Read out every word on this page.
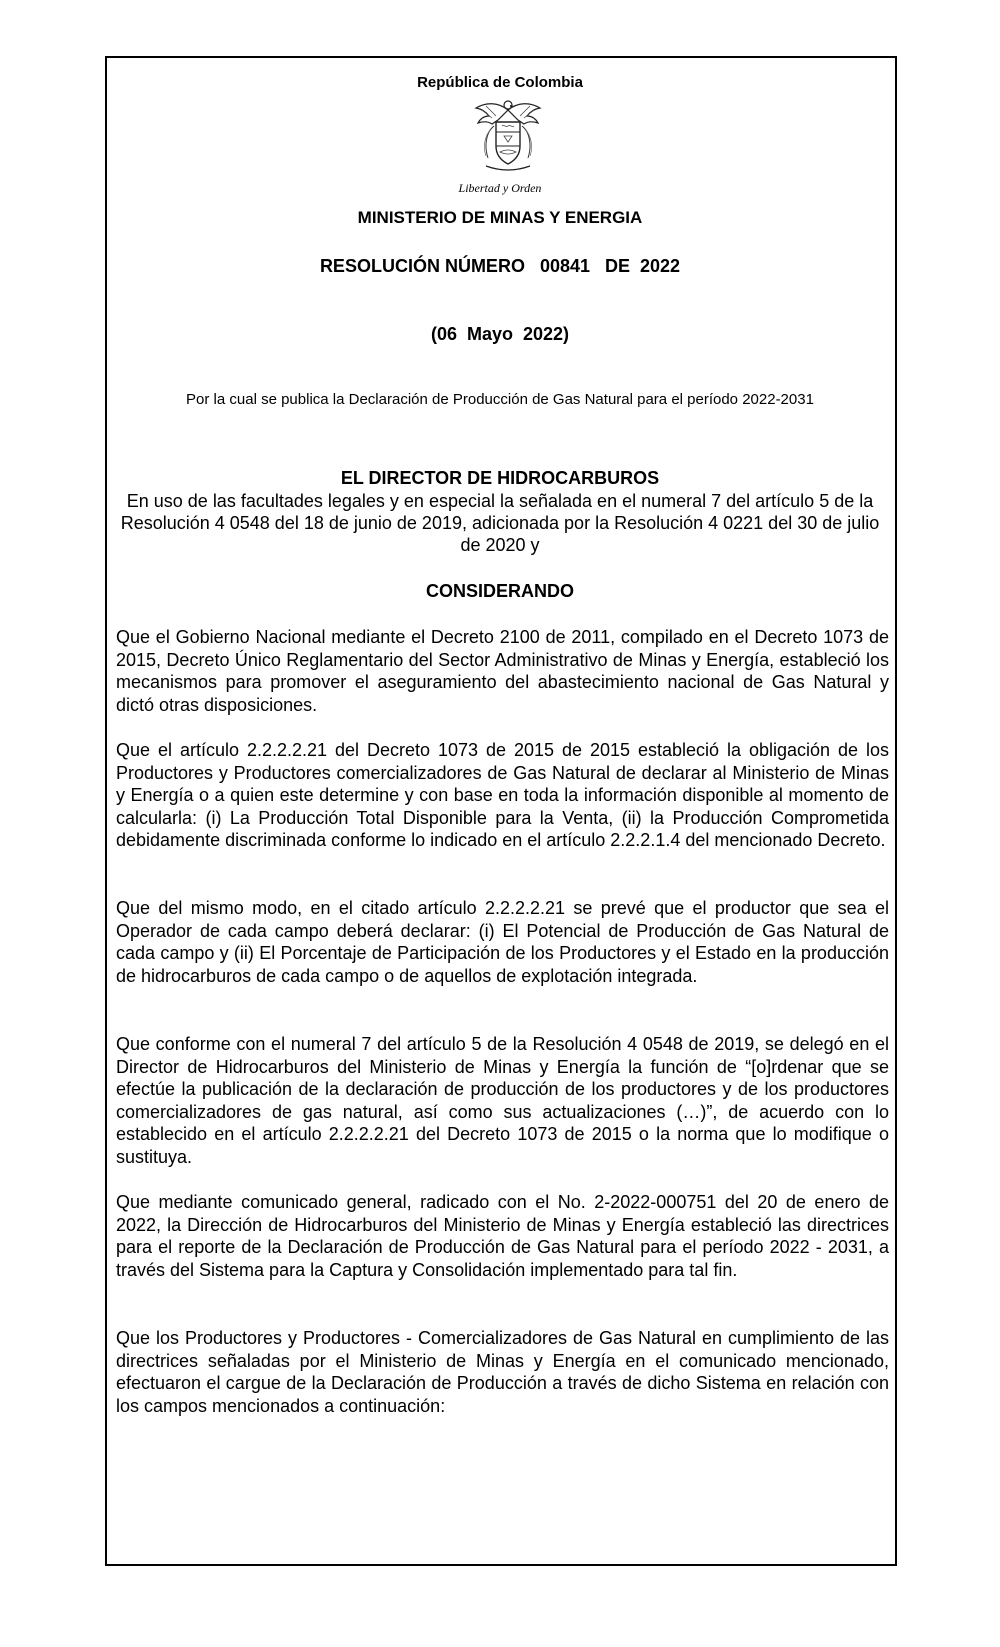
República de Colombia
Libertad y Orden
MINISTERIO DE MINAS Y ENERGIA
RESOLUCIÓN NÚMERO   00841   DE  2022
(06  Mayo  2022)
Por la cual se publica la Declaración de Producción de Gas Natural para el período 2022-2031
EL DIRECTOR DE HIDROCARBUROS
En uso de las facultades legales y en especial la señalada en el numeral 7 del artículo 5 de la Resolución 4 0548 del 18 de junio de 2019, adicionada por la Resolución 4 0221 del 30 de julio de 2020 y
CONSIDERANDO

Que el Gobierno Nacional mediante el Decreto 2100 de 2011, compilado en el Decreto 1073 de 2015, Decreto Único Reglamentario del Sector Administrativo de Minas y Energía, estableció los mecanismos para promover el aseguramiento del abastecimiento nacional de Gas Natural y dictó otras disposiciones.

Que el artículo 2.2.2.2.21 del Decreto 1073 de 2015 de 2015 estableció la obligación de los Productores y Productores comercializadores de Gas Natural de declarar al Ministerio de Minas y Energía o a quien este determine y con base en toda la información disponible al momento de calcularla: (i) La Producción Total Disponible para la Venta, (ii) la Producción Comprometida debidamente discriminada conforme lo indicado en el artículo 2.2.2.1.4 del mencionado Decreto.

Que del mismo modo, en el citado artículo 2.2.2.2.21 se prevé que el productor que sea el Operador de cada campo deberá declarar: (i) El Potencial de Producción de Gas Natural de cada campo y (ii) El Porcentaje de Participación de los Productores y el Estado en la producción de hidrocarburos de cada campo o de aquellos de explotación integrada.

Que conforme con el numeral 7 del artículo 5 de la Resolución 4 0548 de 2019, se delegó en el Director de Hidrocarburos del Ministerio de Minas y Energía la función de “[o]rdenar que se efectúe la publicación de la declaración de producción de los productores y de los productores comercializadores de gas natural, así como sus actualizaciones (…)”, de acuerdo con lo establecido en el artículo 2.2.2.2.21 del Decreto 1073 de 2015 o la norma que lo modifique o sustituya.

Que mediante comunicado general, radicado con el No. 2-2022-000751 del 20 de enero de 2022, la Dirección de Hidrocarburos del Ministerio de Minas y Energía estableció las directrices para el reporte de la Declaración de Producción de Gas Natural para el período 2022 - 2031, a través del Sistema para la Captura y Consolidación implementado para tal fin.

Que los Productores y Productores - Comercializadores de Gas Natural en cumplimiento de las directrices señaladas por el Ministerio de Minas y Energía en el comunicado mencionado, efectuaron el cargue de la Declaración de Producción a través de dicho Sistema en relación con los campos mencionados a continuación:
